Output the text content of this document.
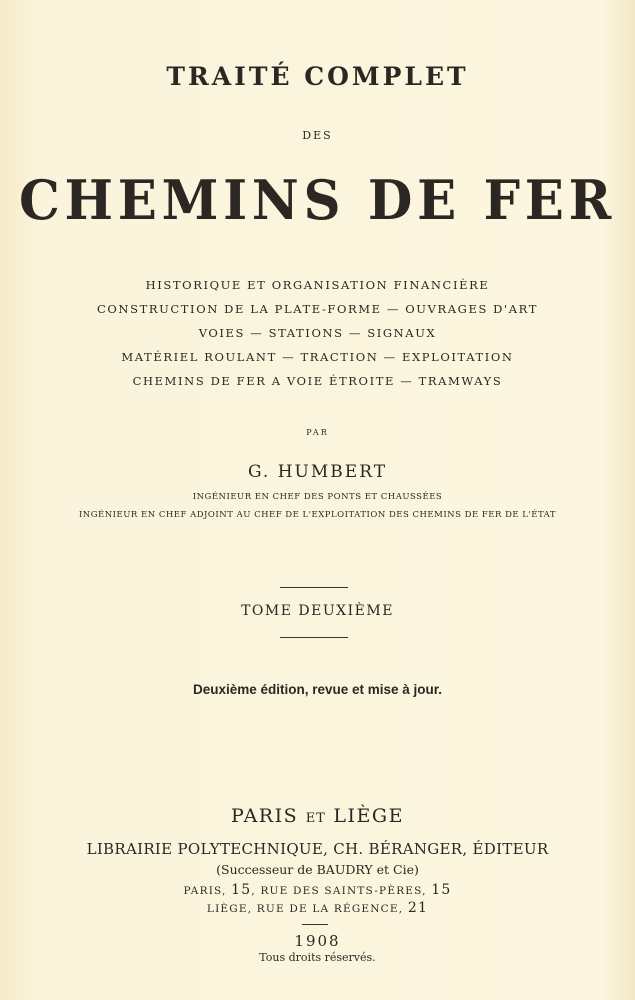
TRAITÉ COMPLET
DES
CHEMINS DE FER
HISTORIQUE ET ORGANISATION FINANCIÈRE
CONSTRUCTION DE LA PLATE-FORME — OUVRAGES D'ART
VOIES — STATIONS — SIGNAUX
MATÉRIEL ROULANT — TRACTION — EXPLOITATION
CHEMINS DE FER A VOIE ÉTROITE — TRAMWAYS
PAR
G. HUMBERT
INGÉNIEUR EN CHEF DES PONTS ET CHAUSSÉES
INGÉNIEUR EN CHEF ADJOINT AU CHEF DE L'EXPLOITATION DES CHEMINS DE FER DE L'ÉTAT
TOME DEUXIÈME
Deuxième édition, revue et mise à jour.
PARIS ET LIÈGE
LIBRAIRIE POLYTECHNIQUE, CH. BÉRANGER, ÉDITEUR
(Successeur de BAUDRY et Cie)
PARIS, 15, RUE DES SAINTS-PÈRES, 15
LIÈGE, RUE DE LA RÉGENCE, 21
1908
Tous droits réservés.
